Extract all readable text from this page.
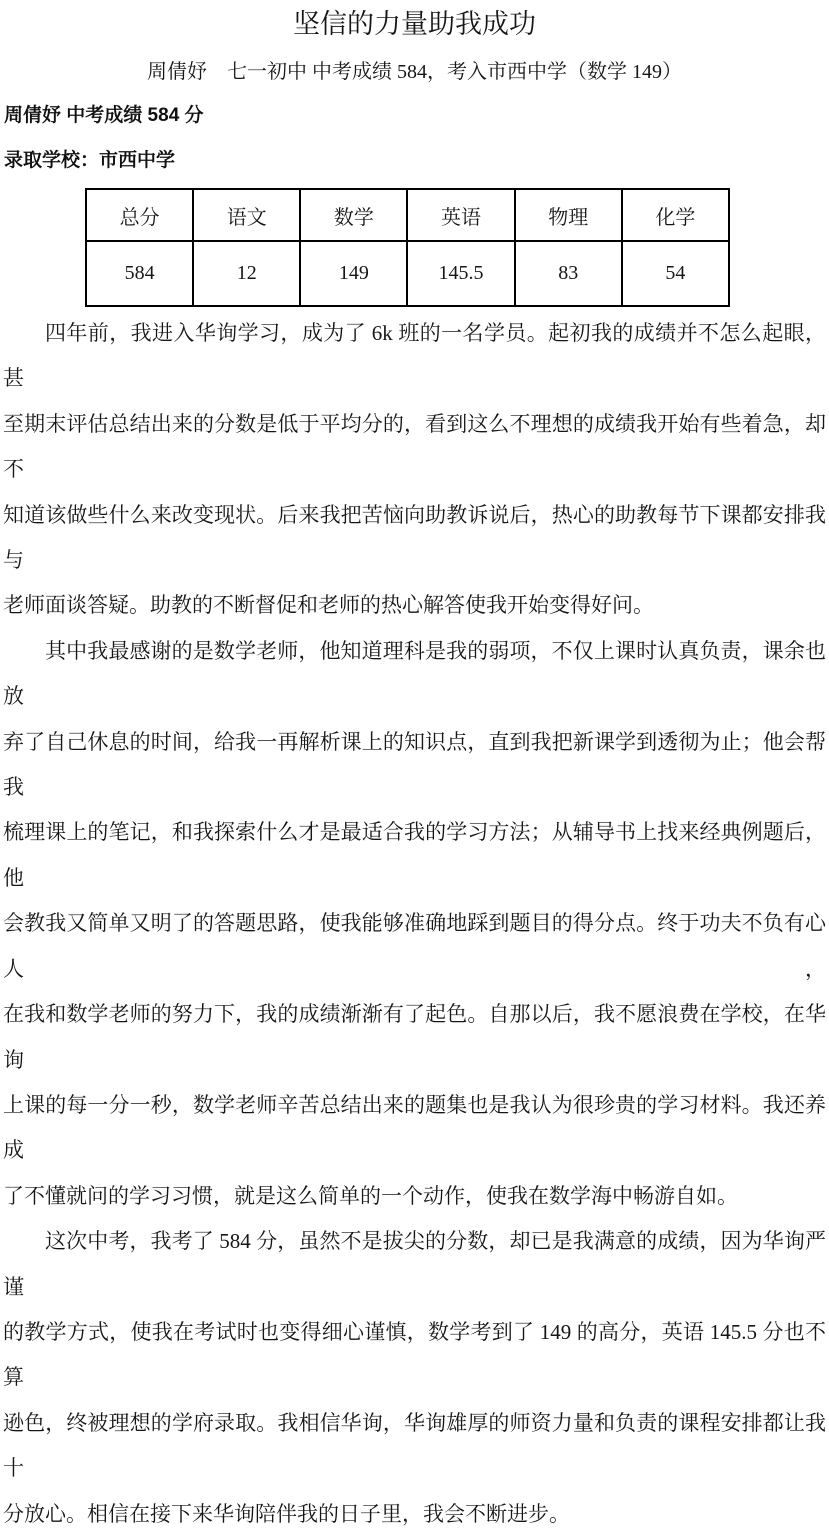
坚信的力量助我成功
周倩妤　七一初中 中考成绩 584，考入市西中学（数学 149）
周倩妤 中考成绩 584 分
录取学校：市西中学
总分	语文	数学	英语	物理	化学
584	12	149	145.5	83	54
四年前，我进入华询学习，成为了 6k 班的一名学员。起初我的成绩并不怎么起眼，甚
至期末评估总结出来的分数是低于平均分的，看到这么不理想的成绩我开始有些着急，却不
知道该做些什么来改变现状。后来我把苦恼向助教诉说后，热心的助教每节下课都安排我与
老师面谈答疑。助教的不断督促和老师的热心解答使我开始变得好问。
其中我最感谢的是数学老师，他知道理科是我的弱项，不仅上课时认真负责，课余也放
弃了自己休息的时间，给我一再解析课上的知识点，直到我把新课学到透彻为止；他会帮我
梳理课上的笔记，和我探索什么才是最适合我的学习方法；从辅导书上找来经典例题后，他
会教我又简单又明了的答题思路，使我能够准确地踩到题目的得分点。终于功夫不负有心人，
在我和数学老师的努力下，我的成绩渐渐有了起色。自那以后，我不愿浪费在学校，在华询
上课的每一分一秒，数学老师辛苦总结出来的题集也是我认为很珍贵的学习材料。我还养成
了不懂就问的学习习惯，就是这么简单的一个动作，使我在数学海中畅游自如。
这次中考，我考了 584 分，虽然不是拔尖的分数，却已是我满意的成绩，因为华询严谨
的教学方式，使我在考试时也变得细心谨慎，数学考到了 149 的高分，英语 145.5 分也不算
逊色，终被理想的学府录取。我相信华询，华询雄厚的师资力量和负责的课程安排都让我十
分放心。相信在接下来华询陪伴我的日子里，我会不断进步。
